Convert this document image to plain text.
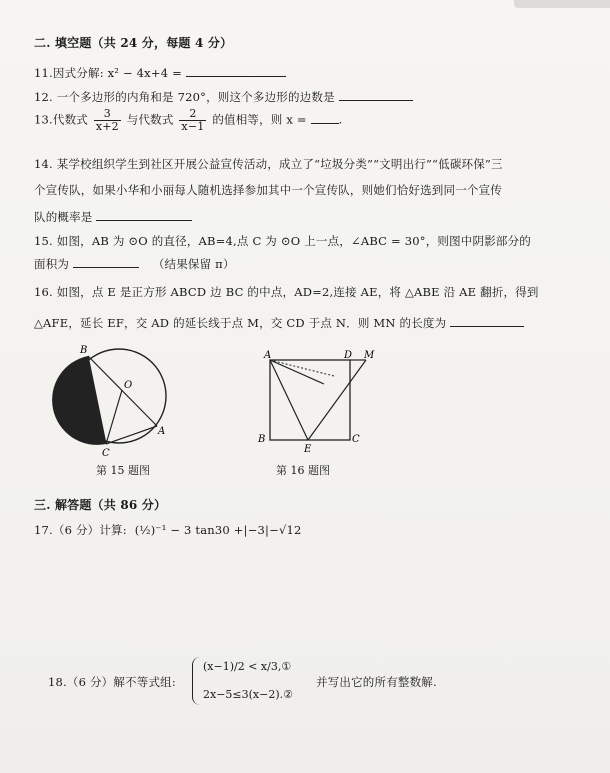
二. 填空题（共 24 分，每题 4 分）
11.因式分解: x² − 4x+4 =
12. 一个多边形的内角和是 720°，则这个多边形的边数是
13.代数式 $\frac{3}{x+2}$ 与代数式 $\frac{2}{x-1}$ 的值相等，则 x =	.
14. 某学校组织学生到社区开展公益宣传活动，成立了“垃圾分类”“文明出行”“低碳环保”三
个宣传队，如果小华和小丽每人随机选择参加其中一个宣传队，则她们恰好选到同一个宣传
队的概率是
15. 如图，AB 为 ⊙O 的直径，AB=4,点 C 为 ⊙O 上一点，∠ABC = 30°，则图中阴影部分的
面积为	（结果保留 π）
16. 如图，点 E 是正方形 ABCD 边 BC 的中点，AD=2,连接 AE，将 △ABE 沿 AE 翻折，得到
△AFE，延长 EF，交 AD 的延长线于点 M，交 CD 于点 N．则 MN 的长度为
B
O
A
C
第 15 题图
A	D M
B
E
C
第 16 题图
三. 解答题（共 86 分）
17.（6 分）计算: (½)⁻¹ − 3 tan30 +|−3|−√12
18.（6 分）解不等式组:
(x−1)/2 < x/3,①
2x−5≤3(x−2).②
并写出它的所有整数解.
